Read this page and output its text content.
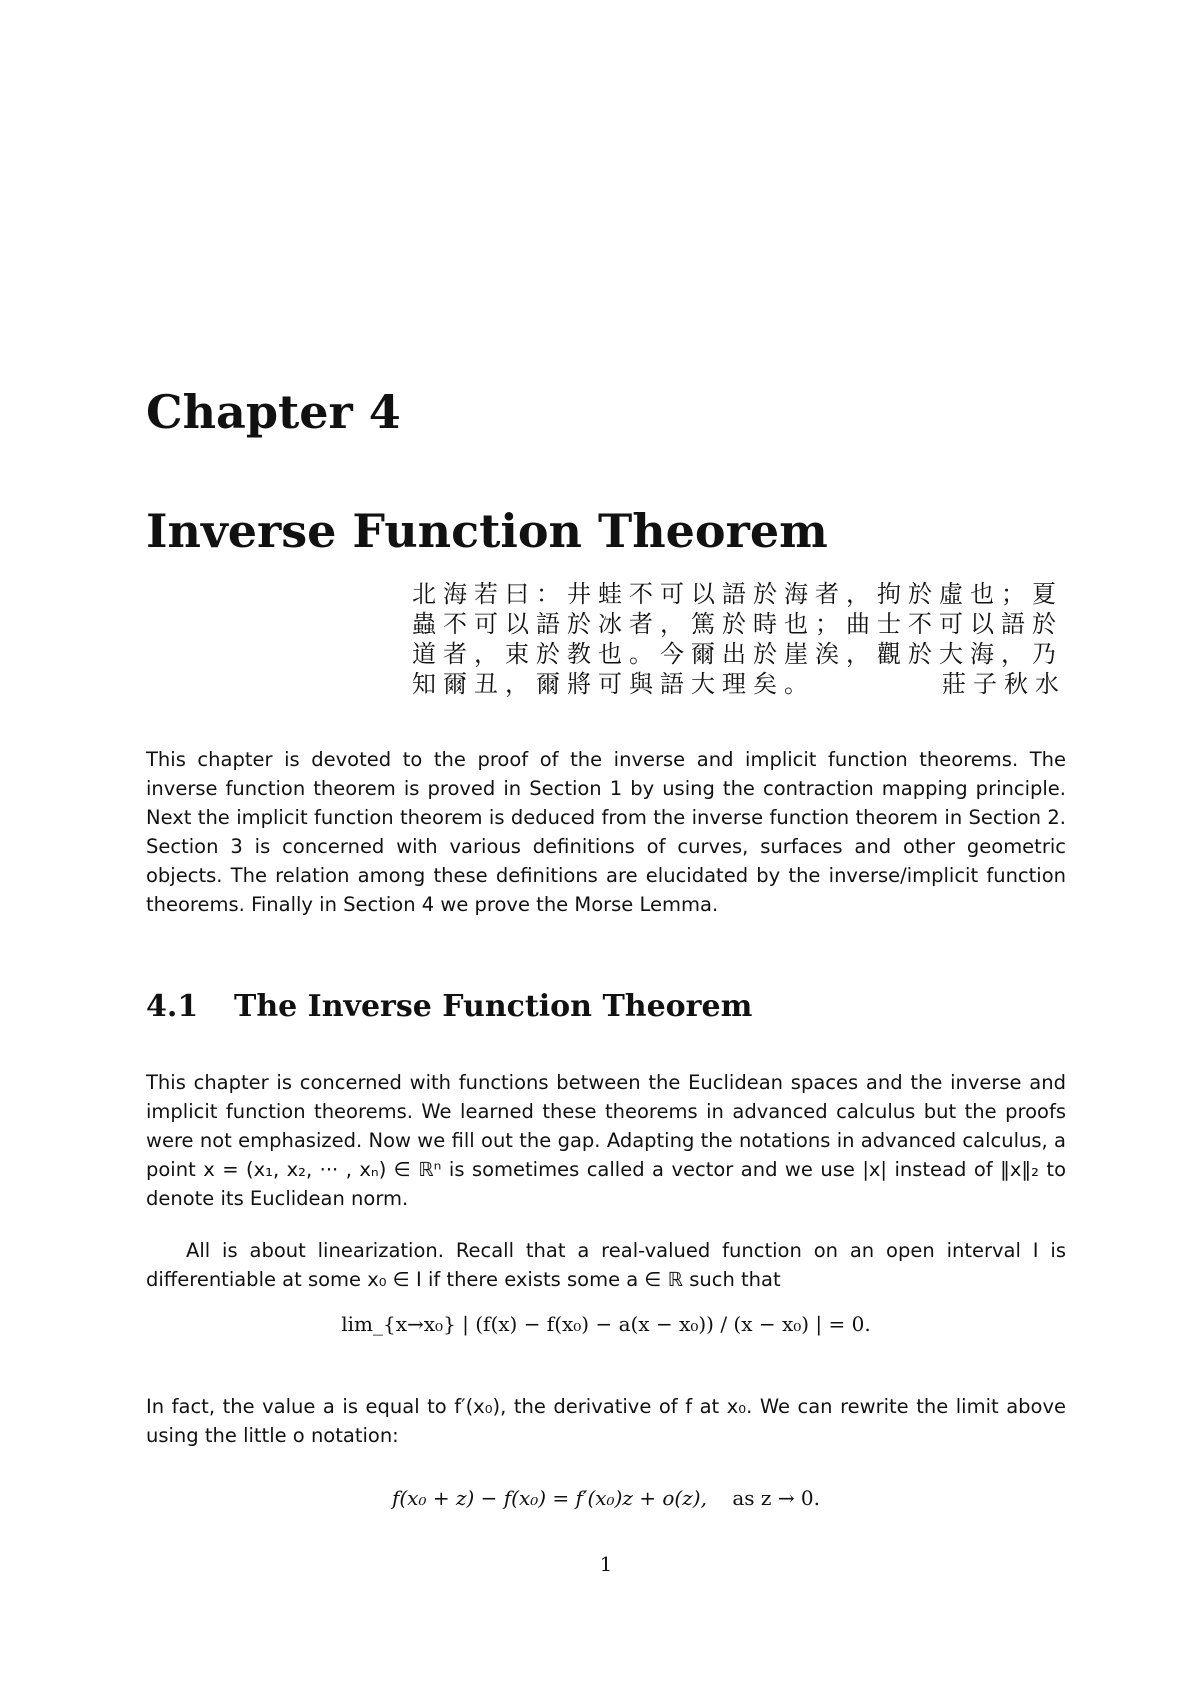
Chapter 4
Inverse Function Theorem
北海若曰：井蛙不可以語於海者，拘於虛也；夏
蟲不可以語於冰者，篤於時也；曲士不可以語於
道者，束於教也。今爾出於崖涘，觀於大海，乃
知爾丑，爾將可與語大理矣。	莊子秋水
This chapter is devoted to the proof of the inverse and implicit function theorems. The inverse function theorem is proved in Section 1 by using the contraction mapping principle. Next the implicit function theorem is deduced from the inverse function theorem in Section 2. Section 3 is concerned with various definitions of curves, surfaces and other geometric objects. The relation among these definitions are elucidated by the inverse/implicit function theorems. Finally in Section 4 we prove the Morse Lemma.
4.1 The Inverse Function Theorem
This chapter is concerned with functions between the Euclidean spaces and the inverse and implicit function theorems. We learned these theorems in advanced calculus but the proofs were not emphasized. Now we fill out the gap. Adapting the notations in advanced calculus, a point x = (x₁, x₂, ··· , xₙ) ∈ ℝⁿ is sometimes called a vector and we use |x| instead of ‖x‖₂ to denote its Euclidean norm.
All is about linearization. Recall that a real-valued function on an open interval I is differentiable at some x₀ ∈ I if there exists some a ∈ ℝ such that
lim_{x→x₀} | (f(x) − f(x₀) − a(x − x₀)) / (x − x₀) | = 0.
In fact, the value a is equal to f′(x₀), the derivative of f at x₀. We can rewrite the limit above using the little o notation:
f(x₀ + z) − f(x₀) = f′(x₀)z + o(z), as z → 0.
1
